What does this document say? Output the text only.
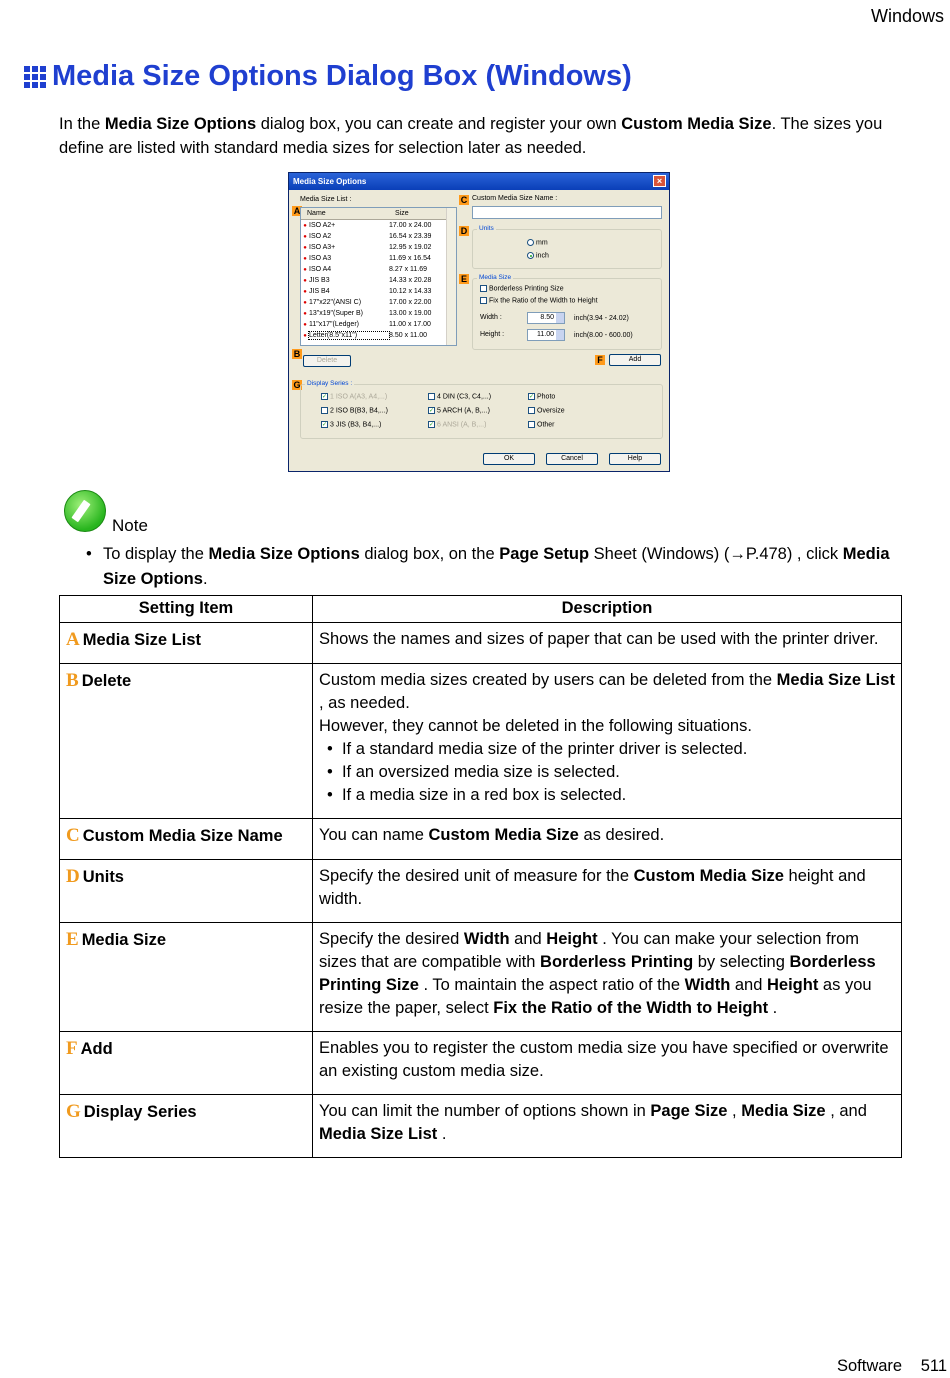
Windows
Media Size Options Dialog Box (Windows)

In the Media Size Options dialog box, you can create and register your own Custom Media Size. The sizes you define are listed with standard media sizes for selection later as needed.

Media Size Options	×
Media Size List :
A Name	Size
● ISO A2+	17.00 x 24.00
● ISO A2	16.54 x 23.39
● ISO A3+	12.95 x 19.02
● ISO A3	11.69 x 16.54
● ISO A4	8.27 x 11.69
● JIS B3	14.33 x 20.28
● JIS B4	10.12 x 14.33
● 17"x22"(ANSI C)	17.00 x 22.00
● 13"x19"(Super B)	13.00 x 19.00
● 11"x17"(Ledger)	11.00 x 17.00
● Letter(8.5"x11")	8.50 x 11.00
B
Delete
C Custom Media Size Name :
D	Units
mm
inch
E	Media Size
Borderless Printing Size
Fix the Ratio of the Width to Height
Width :	8.50	inch(3.94 - 24.02)
Height :	11.00	inch(8.00 - 600.00)
F	Add
G	Display Series :
✓ 1 ISO A(A3, A4,...)
2 ISO B(B3, B4,...)
✓ 3 JIS (B3, B4,...)
4 DIN (C3, C4,...)
✓ 5 ARCH (A, B,...)
✓ 6 ANSI (A, B,...)
✓ Photo
Oversize
Other
OK	Cancel	Help
Note
• To display the Media Size Options dialog box, on the Page Setup Sheet (Windows) (→P.478) , click Media Size Options.
Setting Item	Description
A Media Size List	Shows the names and sizes of paper that can be used with the printer driver.
B Delete	Custom media sizes created by users can be deleted from the Media Size List , as needed.
However, they cannot be deleted in the following situations.
•  If a standard media size of the printer driver is selected.
•  If an oversized media size is selected.
•  If a media size in a red box is selected.

C Custom Media Size Name	You can name Custom Media Size as desired.
D Units	Specify the desired unit of measure for the Custom Media Size height and width.
E Media Size	Specify the desired Width and Height . You can make your selection from sizes that are compatible with Borderless Printing by selecting Borderless Printing Size . To maintain the aspect ratio of the Width and Height as you resize the paper, select Fix the Ratio of the Width to Height .
F Add	Enables you to register the custom media size you have specified or overwrite an existing custom media size.
G Display Series	You can limit the number of options shown in Page Size , Media Size , and Media Size List .
Software 511
